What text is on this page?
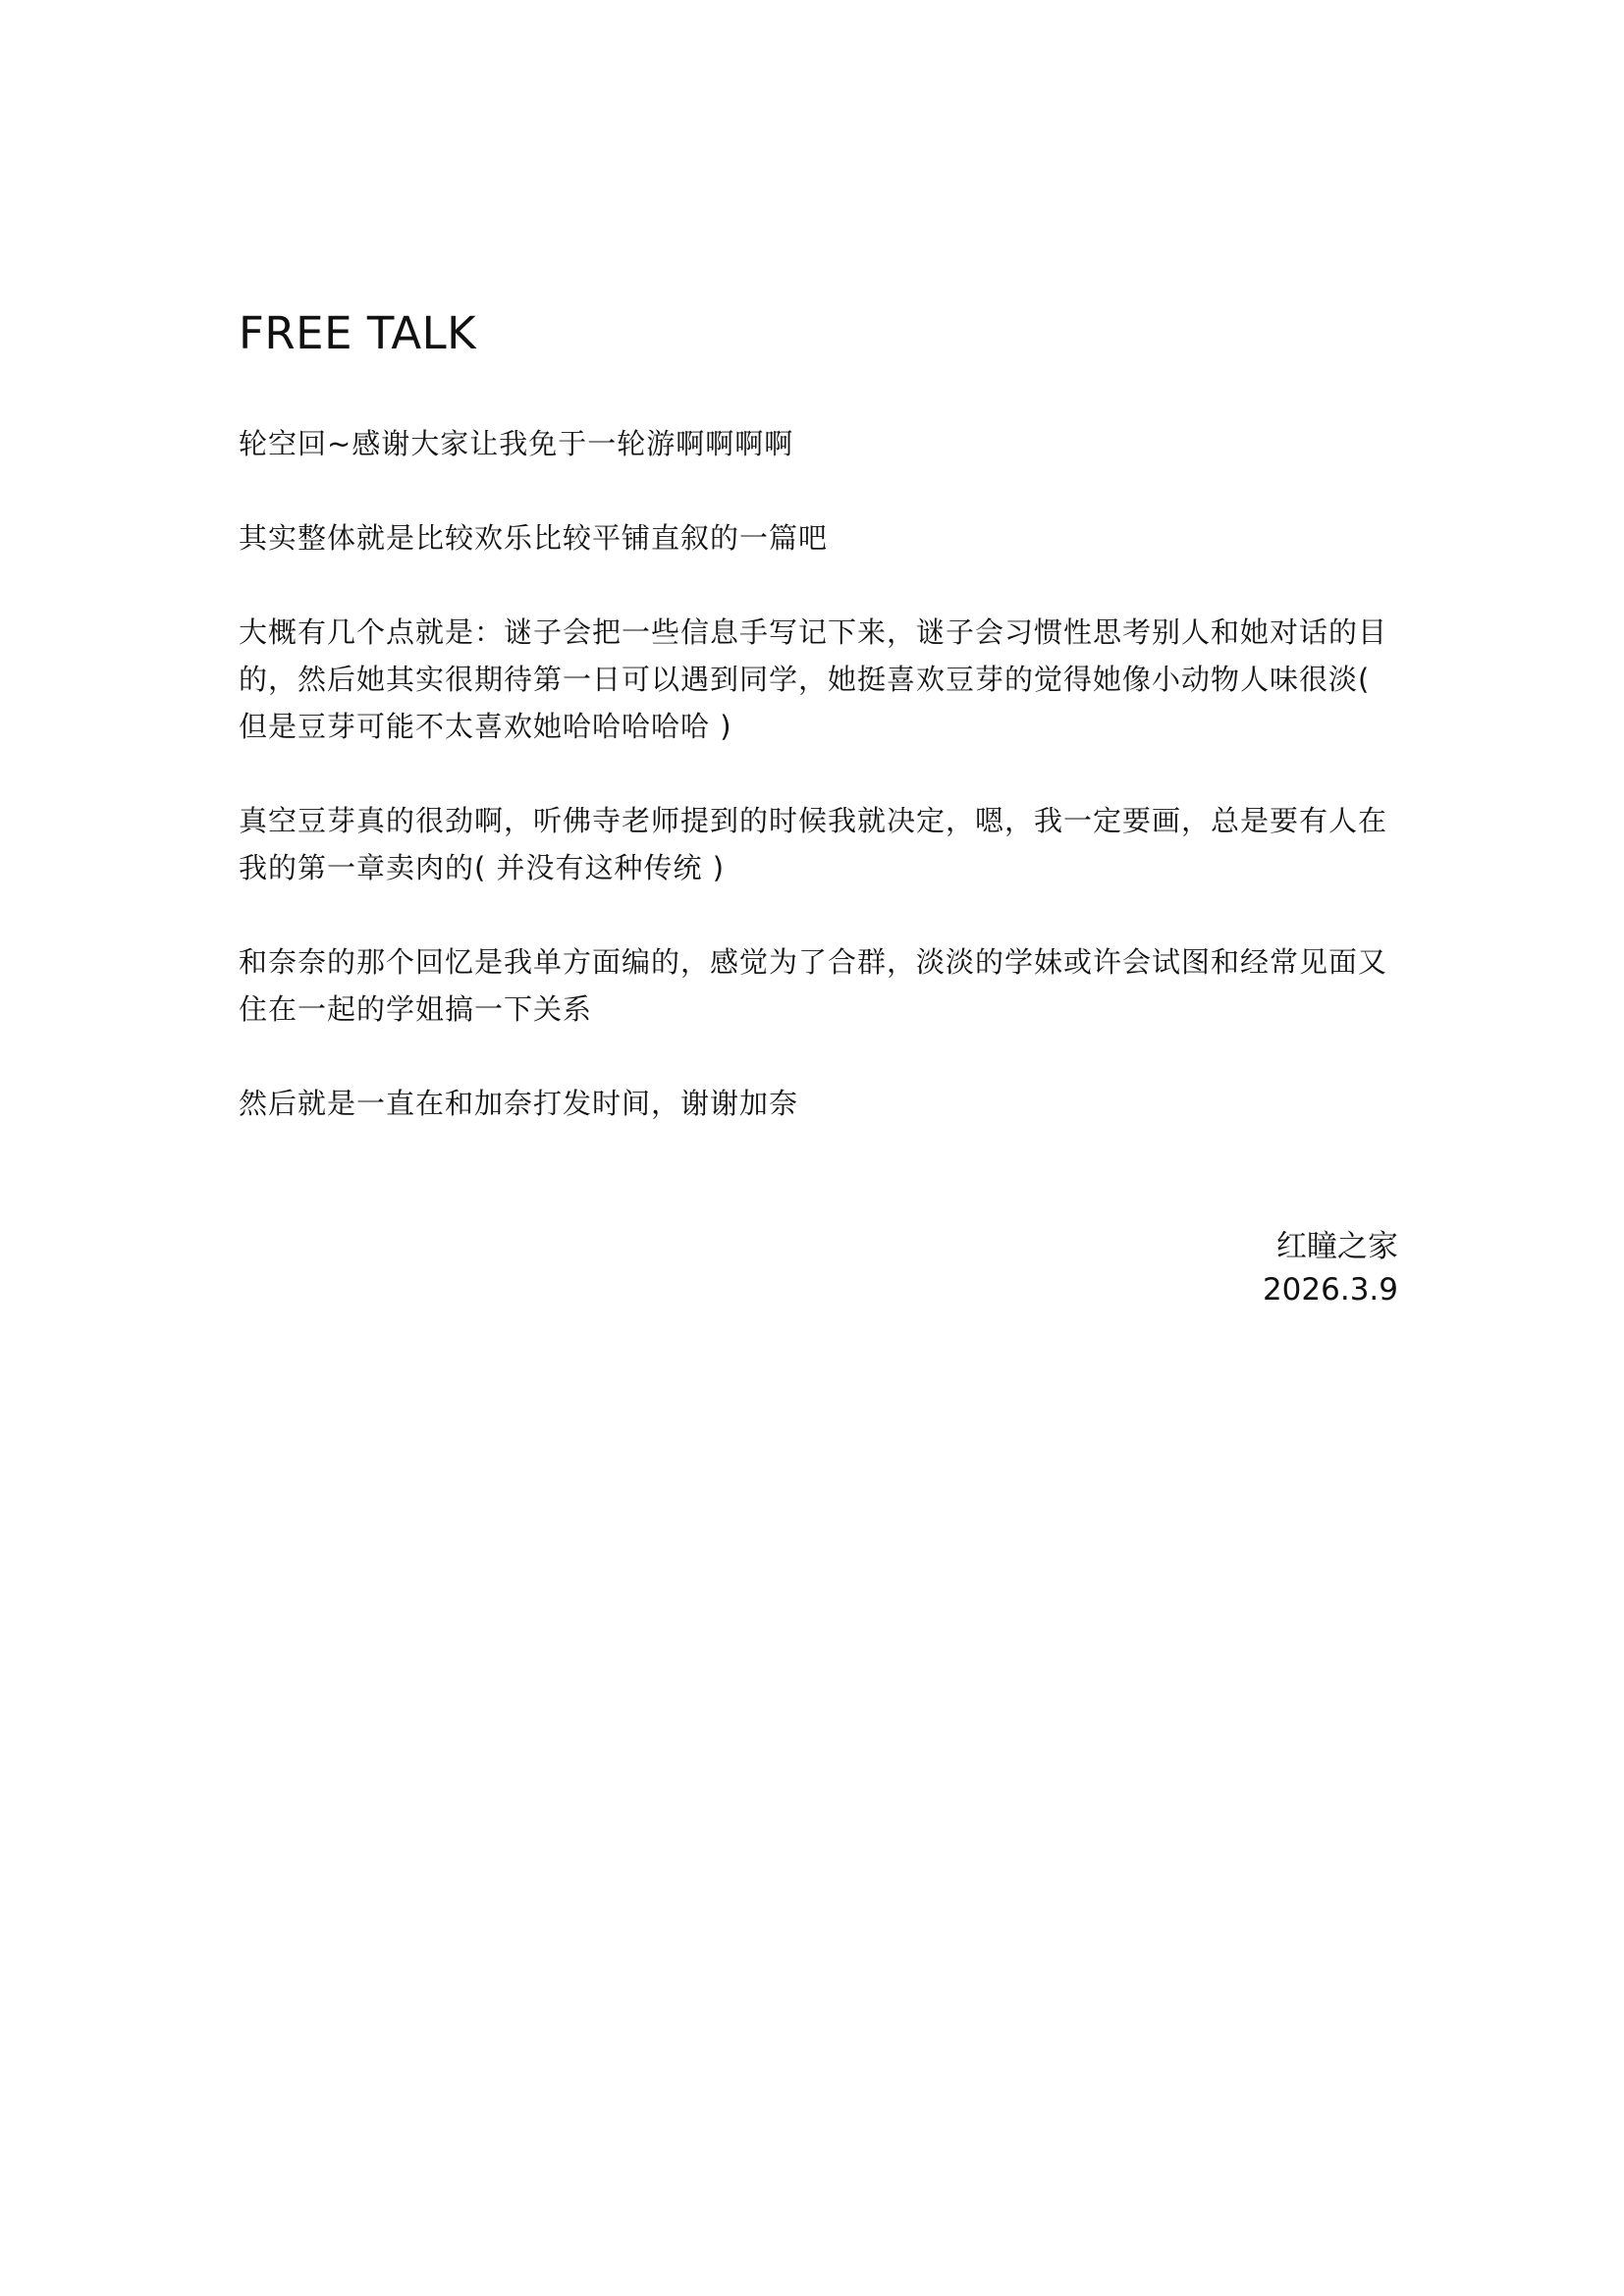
FREE TALK

轮空回~感谢大家让我免于一轮游啊啊啊啊

其实整体就是比较欢乐比较平铺直叙的一篇吧

大概有几个点就是：谜子会把一些信息手写记下来，谜子会习惯性思考别人和她对话的目的，然后她其实很期待第一日可以遇到同学，她挺喜欢豆芽的觉得她像小动物人味很淡( 但是豆芽可能不太喜欢她哈哈哈哈哈 )

真空豆芽真的很劲啊，听佛寺老师提到的时候我就决定，嗯，我一定要画，总是要有人在我的第一章卖肉的( 并没有这种传统 )

和奈奈的那个回忆是我单方面编的，感觉为了合群，淡淡的学妹或许会试图和经常见面又住在一起的学姐搞一下关系

然后就是一直在和加奈打发时间，谢谢加奈

红瞳之家
2026.3.9
